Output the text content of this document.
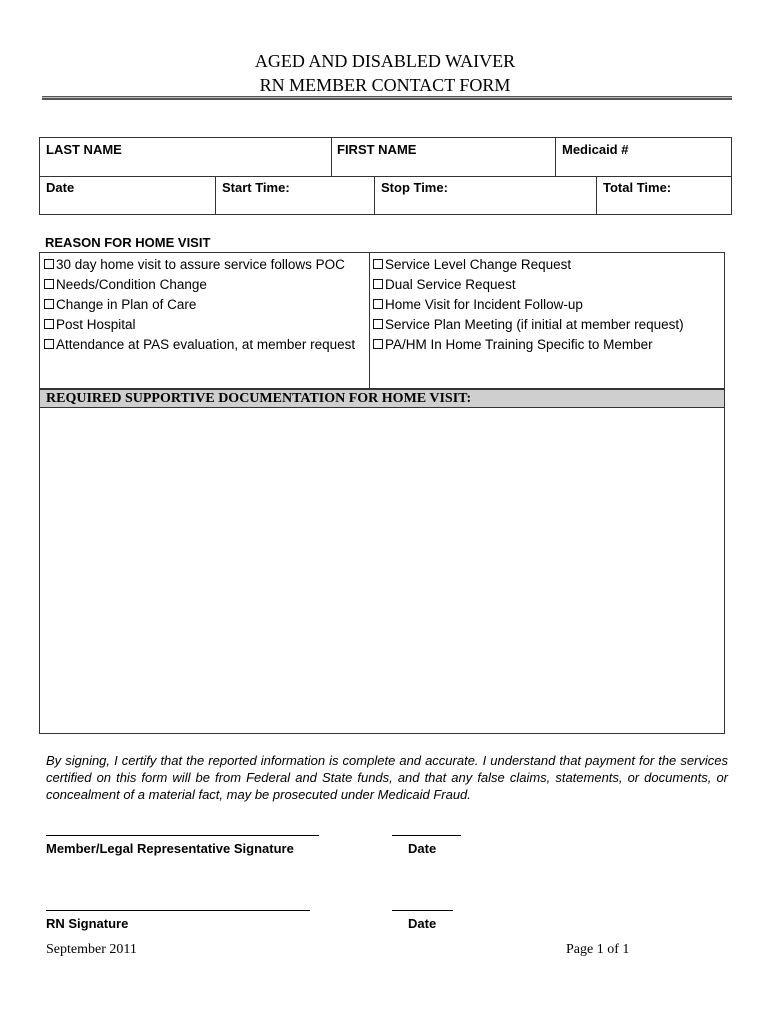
AGED AND DISABLED WAIVER
RN MEMBER CONTACT FORM
LAST NAME	FIRST NAME	Medicaid #
Date	Start Time:	Stop Time:	Total Time:
REASON FOR HOME VISIT
30 day home visit to assure service follows POC
Needs/Condition Change
Change in Plan of Care
Post Hospital
Attendance at PAS evaluation, at member request
Service Level Change Request
Dual Service Request
Home Visit for Incident Follow-up
Service Plan Meeting (if initial at member request)
PA/HM In Home Training Specific to Member
REQUIRED SUPPORTIVE DOCUMENTATION FOR HOME VISIT:
By signing, I certify that the reported information is complete and accurate. I understand that payment for the services certified on this form will be from Federal and State funds, and that any false claims, statements, or documents, or concealment of a material fact, may be prosecuted under Medicaid Fraud.
Member/Legal Representative Signature	Date
RN Signature	Date
September 2011	Page 1 of 1
